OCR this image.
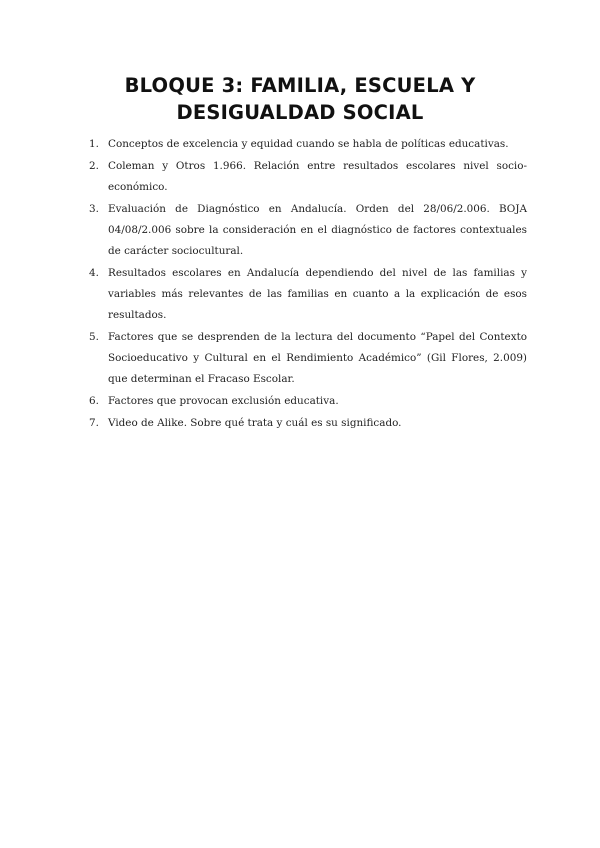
BLOQUE 3: FAMILIA, ESCUELA Y
DESIGUALDAD SOCIAL
1. Conceptos de excelencia y equidad cuando se habla de políticas educativas.
2. Coleman y Otros 1.966. Relación entre resultados escolares nivel socio-económico.
3. Evaluación de Diagnóstico en Andalucía. Orden del 28/06/2.006. BOJA 04/08/2.006 sobre la consideración en el diagnóstico de factores contextuales de carácter sociocultural.
4. Resultados escolares en Andalucía dependiendo del nivel de las familias y variables más relevantes de las familias en cuanto a la explicación de esos resultados.
5. Factores que se desprenden de la lectura del documento “Papel del Contexto Socioeducativo y Cultural en el Rendimiento Académico” (Gil Flores, 2.009) que determinan el Fracaso Escolar.
6. Factores que provocan exclusión educativa.
7. Video de Alike. Sobre qué trata y cuál es su significado.
